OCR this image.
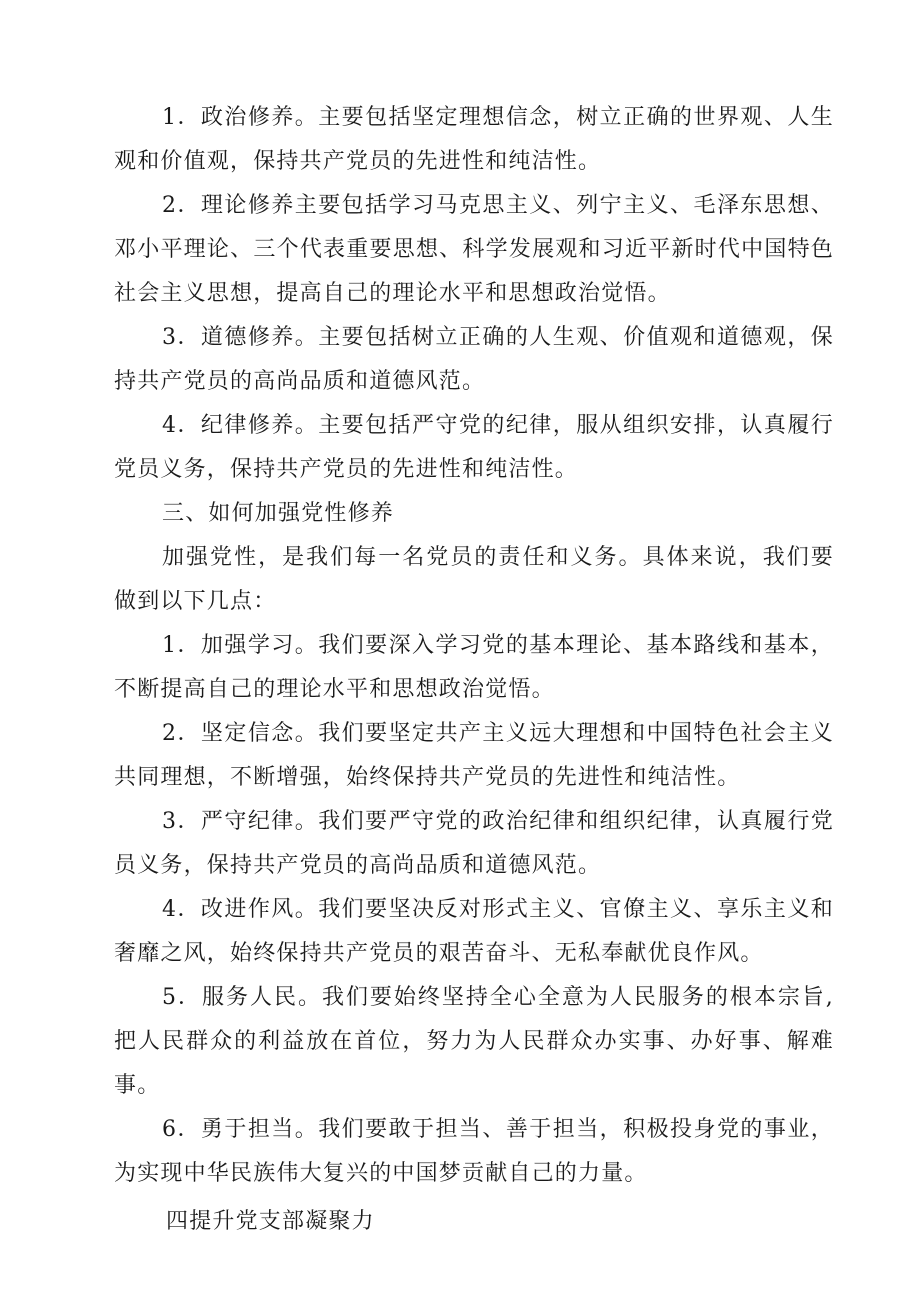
1．政治修养。主要包括坚定理想信念，树立正确的世界观、人生观和价值观，保持共产党员的先进性和纯洁性。

2．理论修养主要包括学习马克思主义、列宁主义、毛泽东思想、邓小平理论、三个代表重要思想、科学发展观和习近平新时代中国特色社会主义思想，提高自己的理论水平和思想政治觉悟。

3．道德修养。主要包括树立正确的人生观、价值观和道德观，保持共产党员的高尚品质和道德风范。

4．纪律修养。主要包括严守党的纪律，服从组织安排，认真履行党员义务，保持共产党员的先进性和纯洁性。

三、如何加强党性修养

加强党性，是我们每一名党员的责任和义务。具体来说，我们要做到以下几点：

1．加强学习。我们要深入学习党的基本理论、基本路线和基本，不断提高自己的理论水平和思想政治觉悟。

2．坚定信念。我们要坚定共产主义远大理想和中国特色社会主义共同理想，不断增强，始终保持共产党员的先进性和纯洁性。

3．严守纪律。我们要严守党的政治纪律和组织纪律，认真履行党员义务，保持共产党员的高尚品质和道德风范。

4．改进作风。我们要坚决反对形式主义、官僚主义、享乐主义和奢靡之风，始终保持共产党员的艰苦奋斗、无私奉献优良作风。

5．服务人民。我们要始终坚持全心全意为人民服务的根本宗旨,把人民群众的利益放在首位，努力为人民群众办实事、办好事、解难事。

6．勇于担当。我们要敢于担当、善于担当，积极投身党的事业，为实现中华民族伟大复兴的中国梦贡献自己的力量。

四提升党支部凝聚力
